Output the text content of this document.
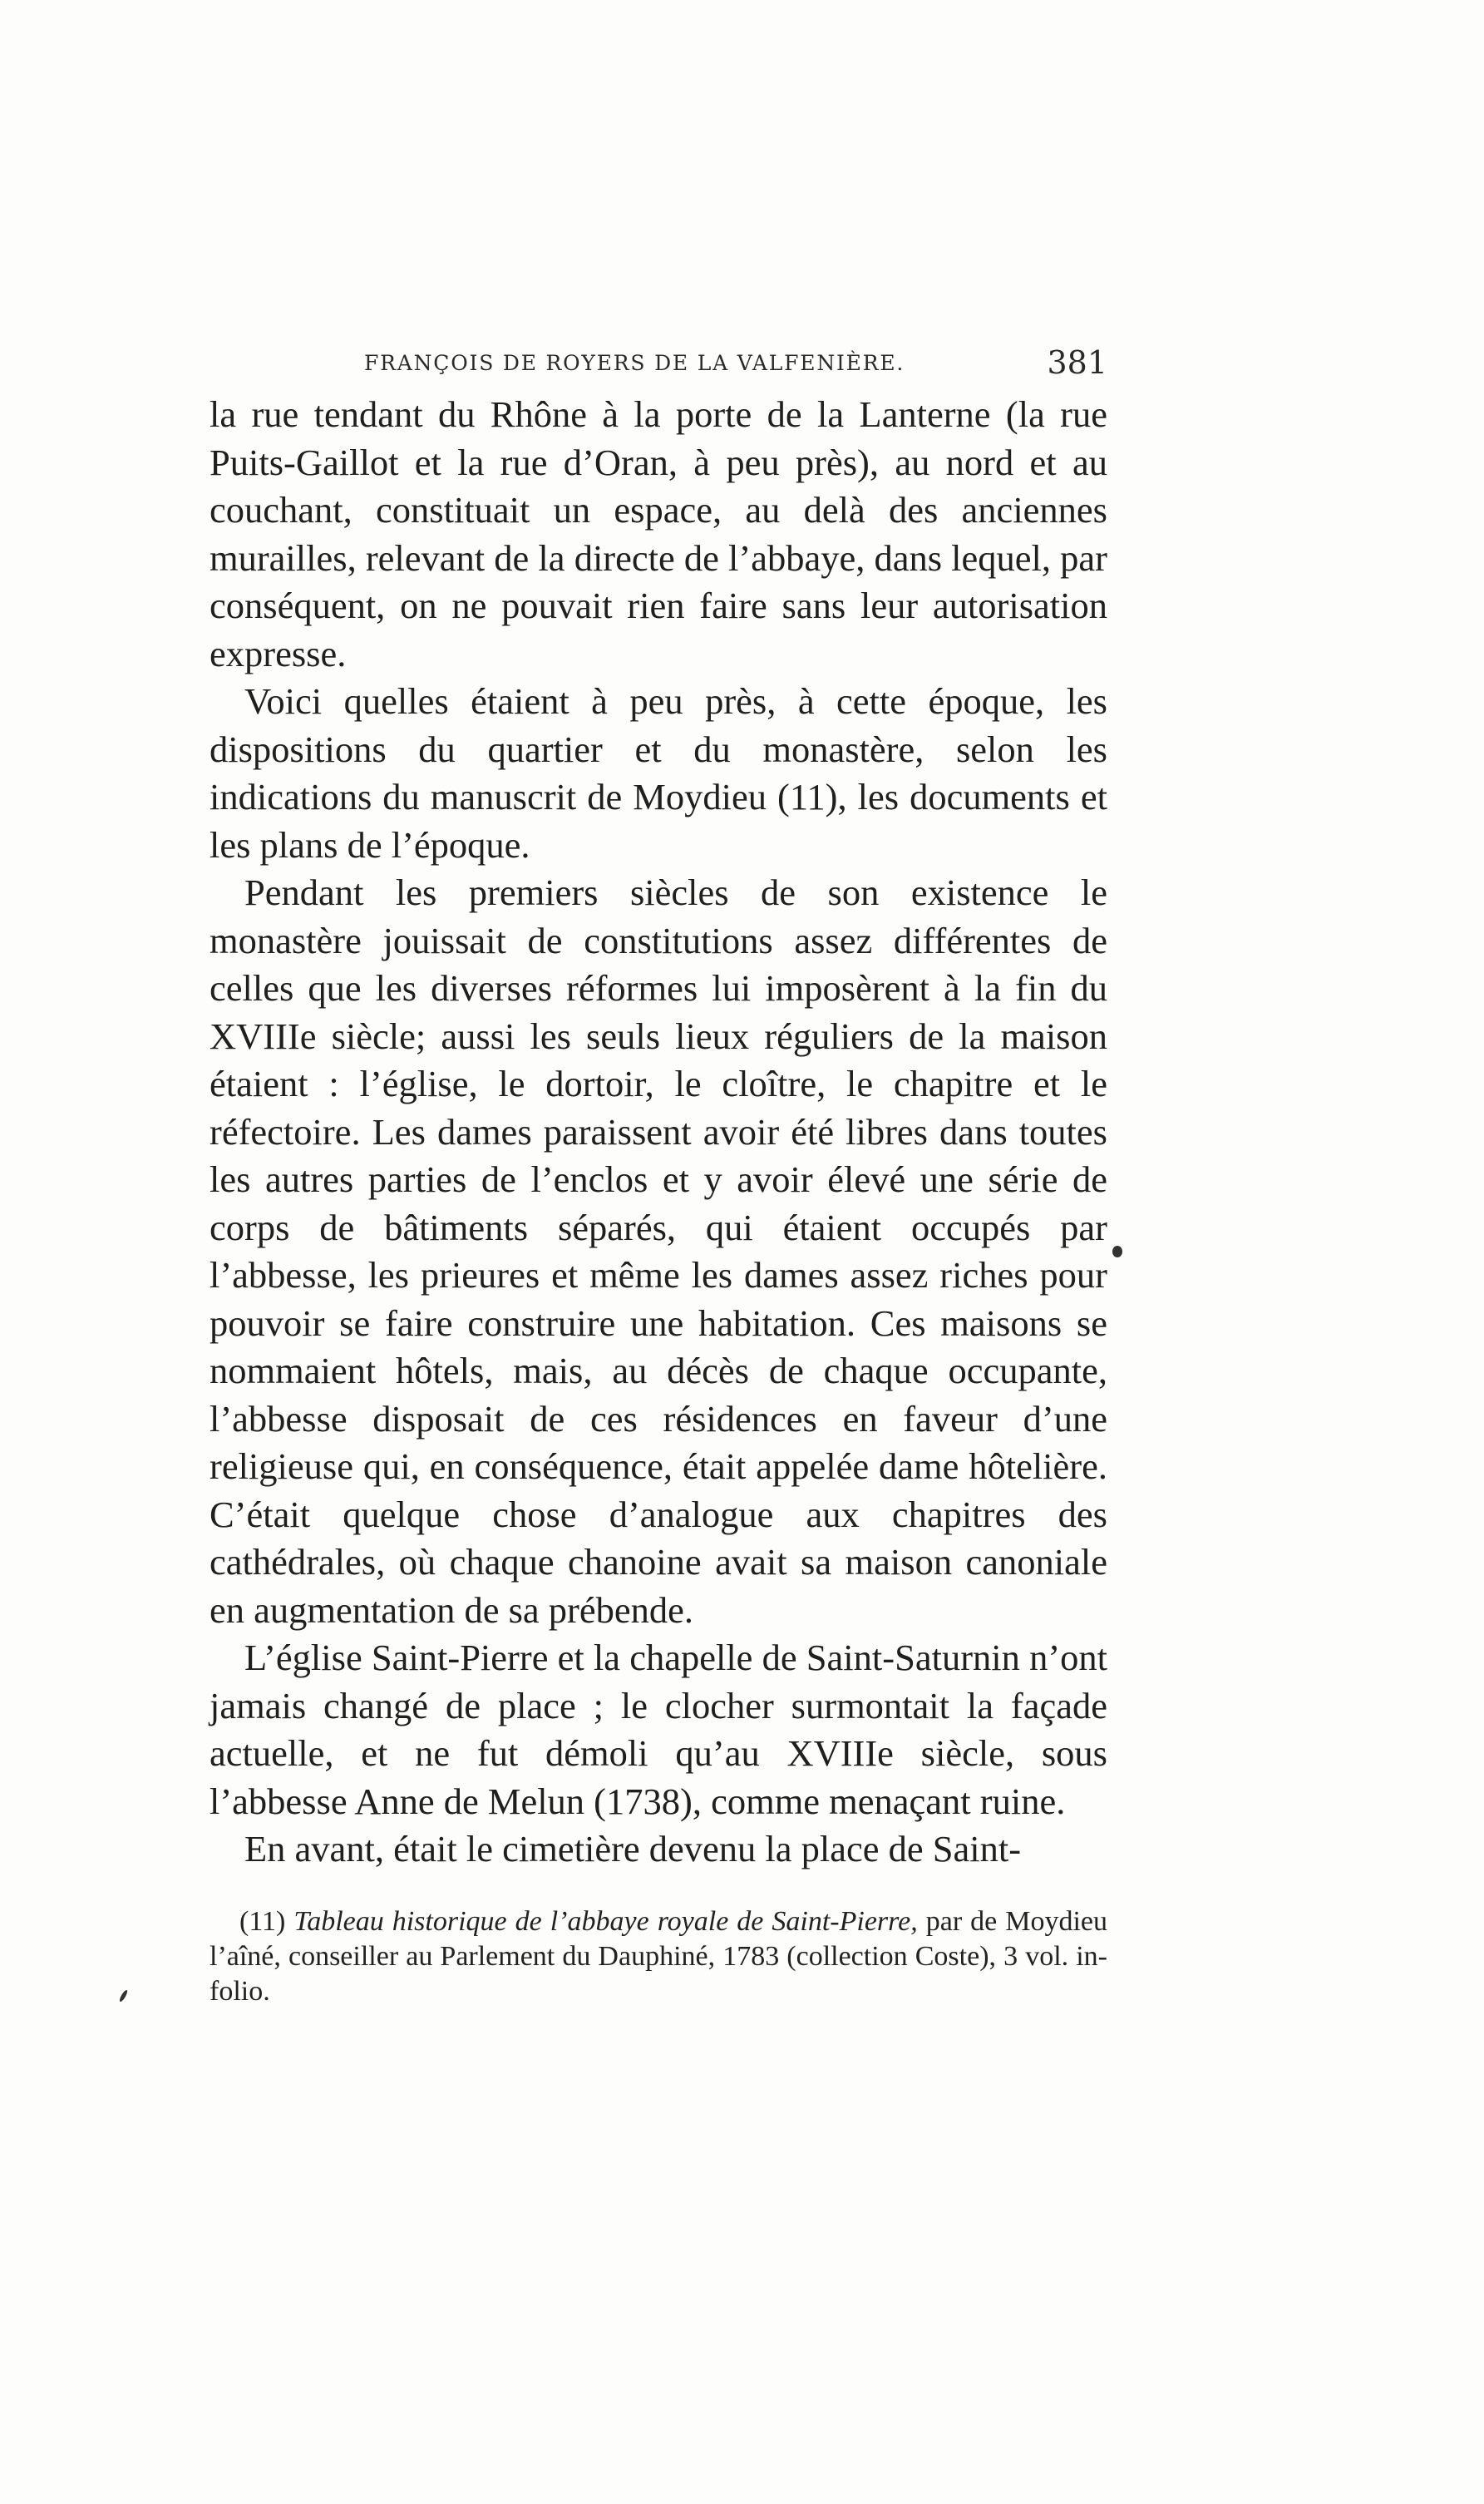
FRANÇOIS DE ROYERS DE LA VALFENIÈRE.	381

la rue tendant du Rhône à la porte de la Lanterne (la rue Puits-Gaillot et la rue d’Oran, à peu près), au nord et au couchant, constituait un espace, au delà des anciennes murailles, relevant de la directe de l’abbaye, dans lequel, par conséquent, on ne pouvait rien faire sans leur autorisation expresse.

Voici quelles étaient à peu près, à cette époque, les dispositions du quartier et du monastère, selon les indications du manuscrit de Moydieu (11), les documents et les plans de l’époque.

Pendant les premiers siècles de son existence le monastère jouissait de constitutions assez différentes de celles que les diverses réformes lui imposèrent à la fin du XVIIIe siècle; aussi les seuls lieux réguliers de la maison étaient : l’église, le dortoir, le cloître, le chapitre et le réfectoire. Les dames paraissent avoir été libres dans toutes les autres parties de l’enclos et y avoir élevé une série de corps de bâtiments séparés, qui étaient occupés par l’abbesse, les prieures et même les dames assez riches pour pouvoir se faire construire une habitation. Ces maisons se nommaient hôtels, mais, au décès de chaque occupante, l’abbesse disposait de ces résidences en faveur d’une religieuse qui, en conséquence, était appelée dame hôtelière. C’était quelque chose d’analogue aux chapitres des cathédrales, où chaque chanoine avait sa maison canoniale en augmentation de sa prébende.

L’église Saint-Pierre et la chapelle de Saint-Saturnin n’ont jamais changé de place ; le clocher surmontait la façade actuelle, et ne fut démoli qu’au XVIIIe siècle, sous l’abbesse Anne de Melun (1738), comme menaçant ruine.

En avant, était le cimetière devenu la place de Saint-

(11) Tableau historique de l’abbaye royale de Saint-Pierre, par de Moydieu l’aîné, conseiller au Parlement du Dauphiné, 1783 (collection Coste), 3 vol. in-folio.
